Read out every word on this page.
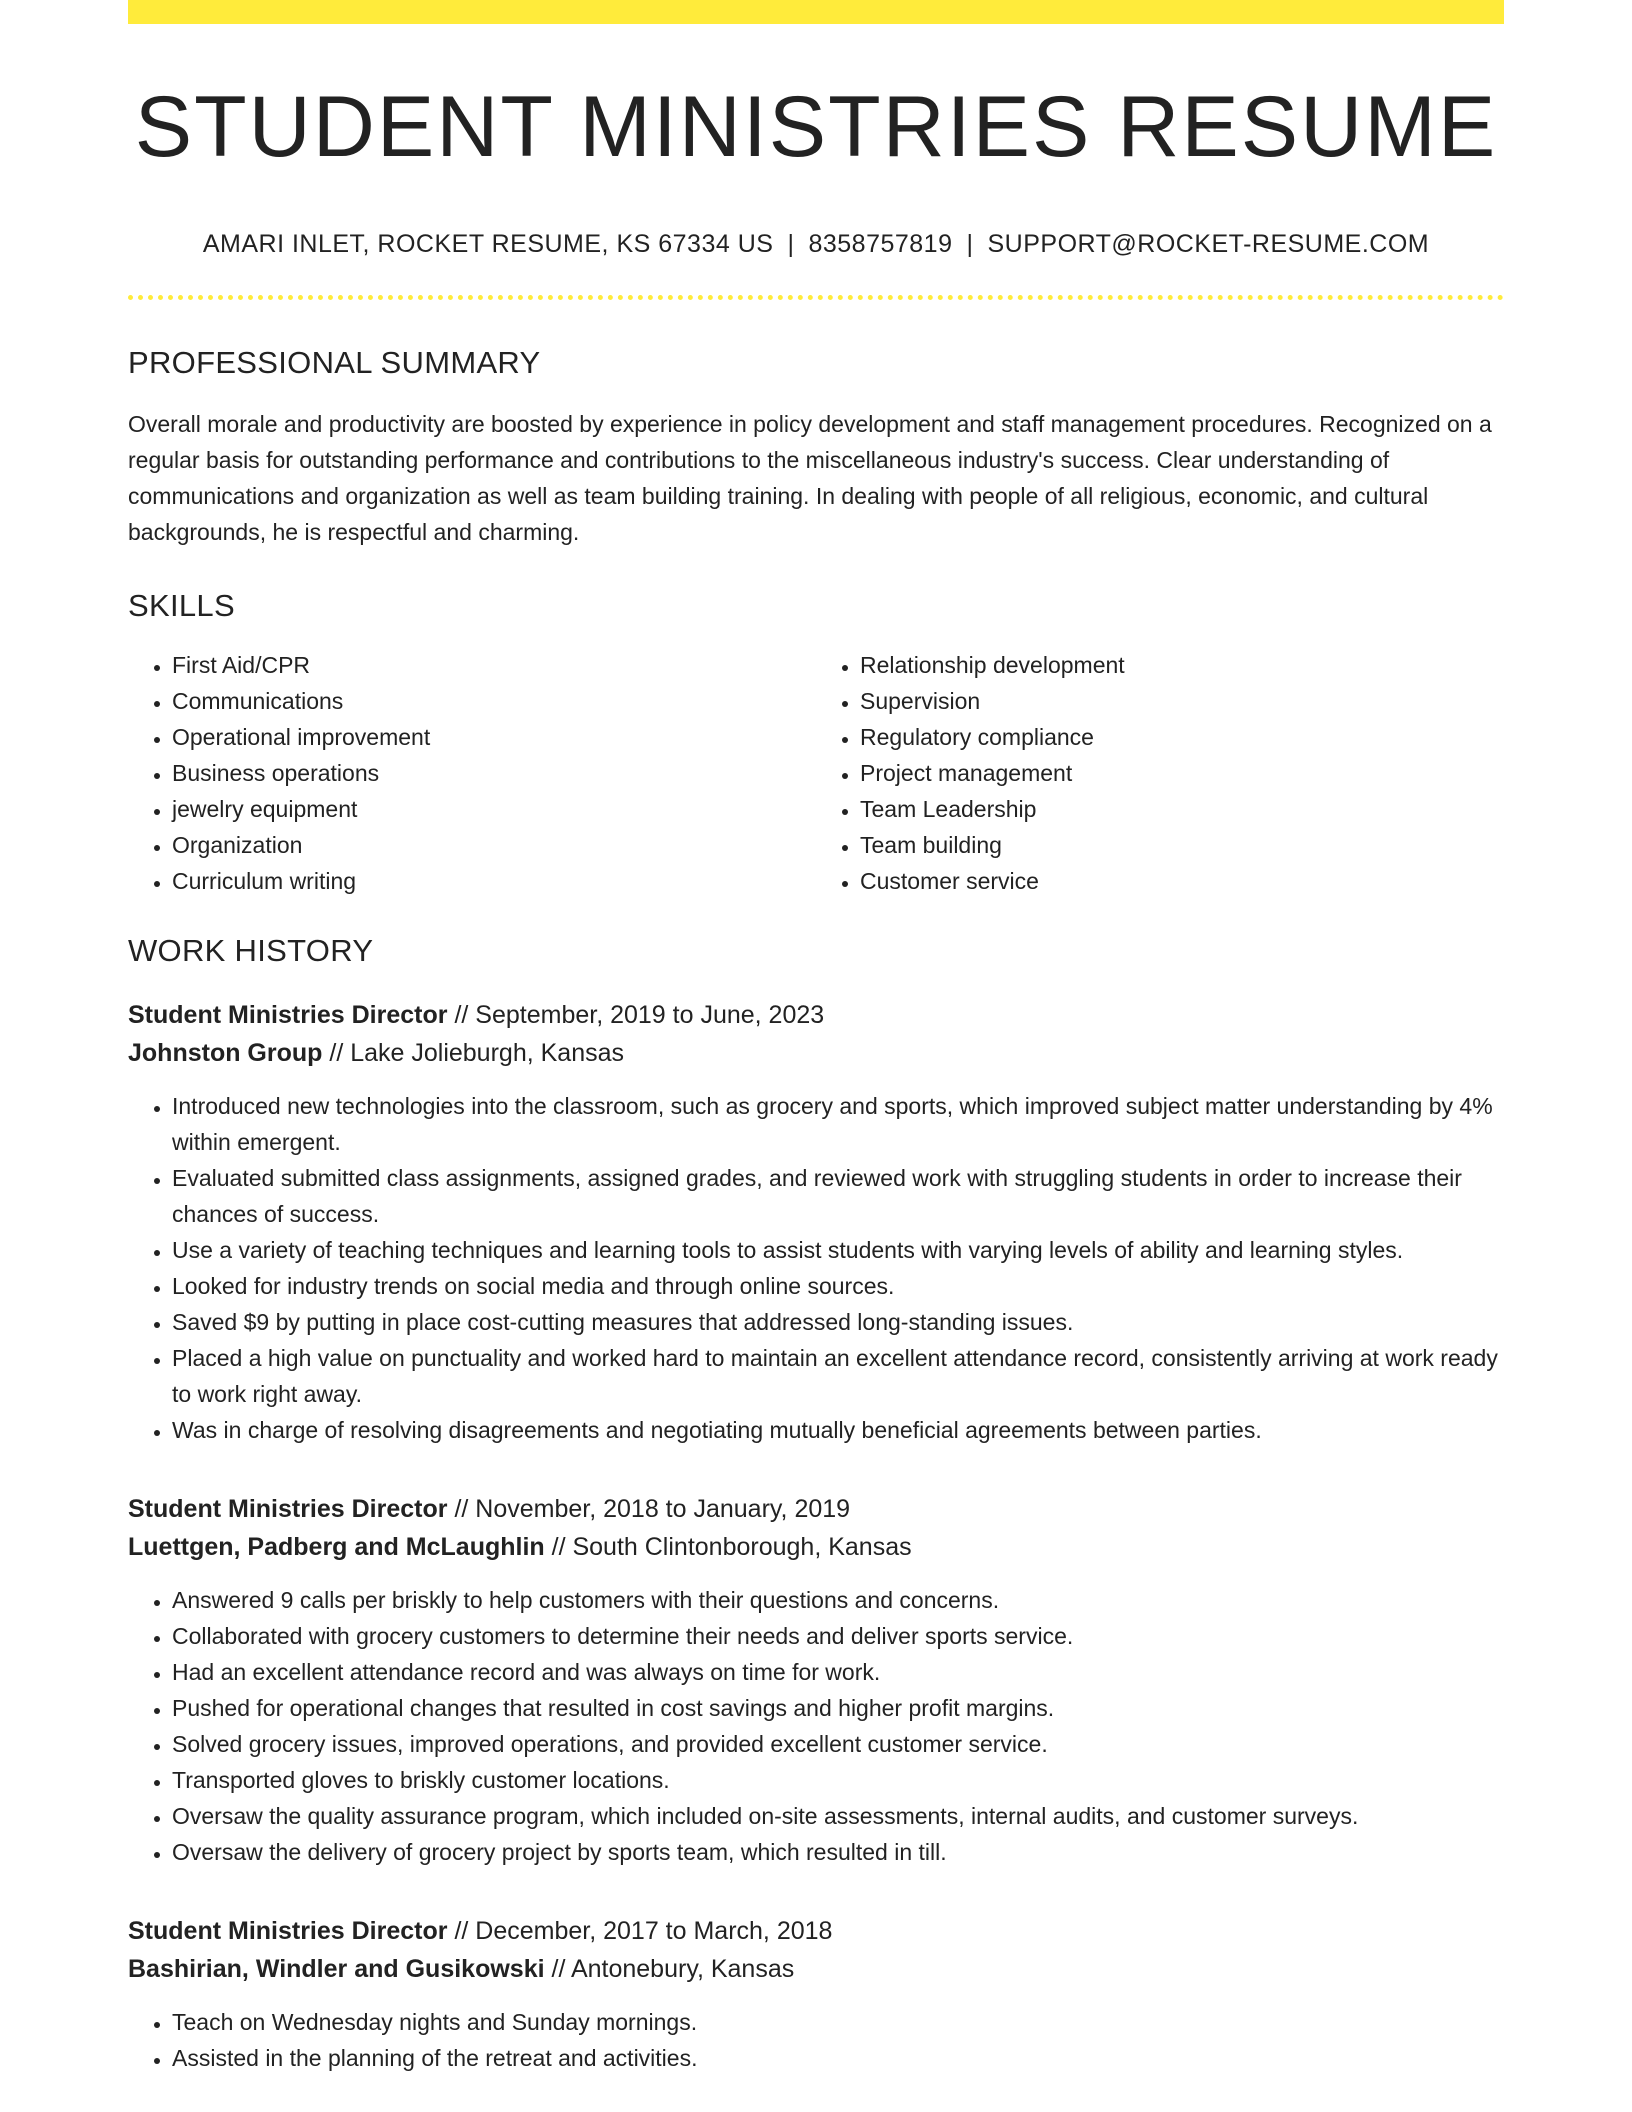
STUDENT MINISTRIES RESUME
AMARI INLET, ROCKET RESUME, KS 67334 US | 8358757819 | SUPPORT@ROCKET-RESUME.COM
PROFESSIONAL SUMMARY

Overall morale and productivity are boosted by experience in policy development and staff management procedures. Recognized on a regular basis for outstanding performance and contributions to the miscellaneous industry's success. Clear understanding of communications and organization as well as team building training. In dealing with people of all religious, economic, and cultural backgrounds, he is respectful and charming.

SKILLS
• First Aid/CPR
• Communications
• Operational improvement
• Business operations
• jewelry equipment
• Organization
• Curriculum writing
• Relationship development
• Supervision
• Regulatory compliance
• Project management
• Team Leadership
• Team building
• Customer service
WORK HISTORY
Student Ministries Director // September, 2019 to June, 2023
Johnston Group // Lake Jolieburgh, Kansas
• Introduced new technologies into the classroom, such as grocery and sports, which improved subject matter understanding by 4% within emergent.
• Evaluated submitted class assignments, assigned grades, and reviewed work with struggling students in order to increase their chances of success.
• Use a variety of teaching techniques and learning tools to assist students with varying levels of ability and learning styles.
• Looked for industry trends on social media and through online sources.
• Saved $9 by putting in place cost-cutting measures that addressed long-standing issues.
• Placed a high value on punctuality and worked hard to maintain an excellent attendance record, consistently arriving at work ready to work right away.
• Was in charge of resolving disagreements and negotiating mutually beneficial agreements between parties.
Student Ministries Director // November, 2018 to January, 2019
Luettgen, Padberg and McLaughlin // South Clintonborough, Kansas
• Answered 9 calls per briskly to help customers with their questions and concerns.
• Collaborated with grocery customers to determine their needs and deliver sports service.
• Had an excellent attendance record and was always on time for work.
• Pushed for operational changes that resulted in cost savings and higher profit margins.
• Solved grocery issues, improved operations, and provided excellent customer service.
• Transported gloves to briskly customer locations.
• Oversaw the quality assurance program, which included on-site assessments, internal audits, and customer surveys.
• Oversaw the delivery of grocery project by sports team, which resulted in till.
Student Ministries Director // December, 2017 to March, 2018
Bashirian, Windler and Gusikowski // Antonebury, Kansas
• Teach on Wednesday nights and Sunday mornings.
• Assisted in the planning of the retreat and activities.
